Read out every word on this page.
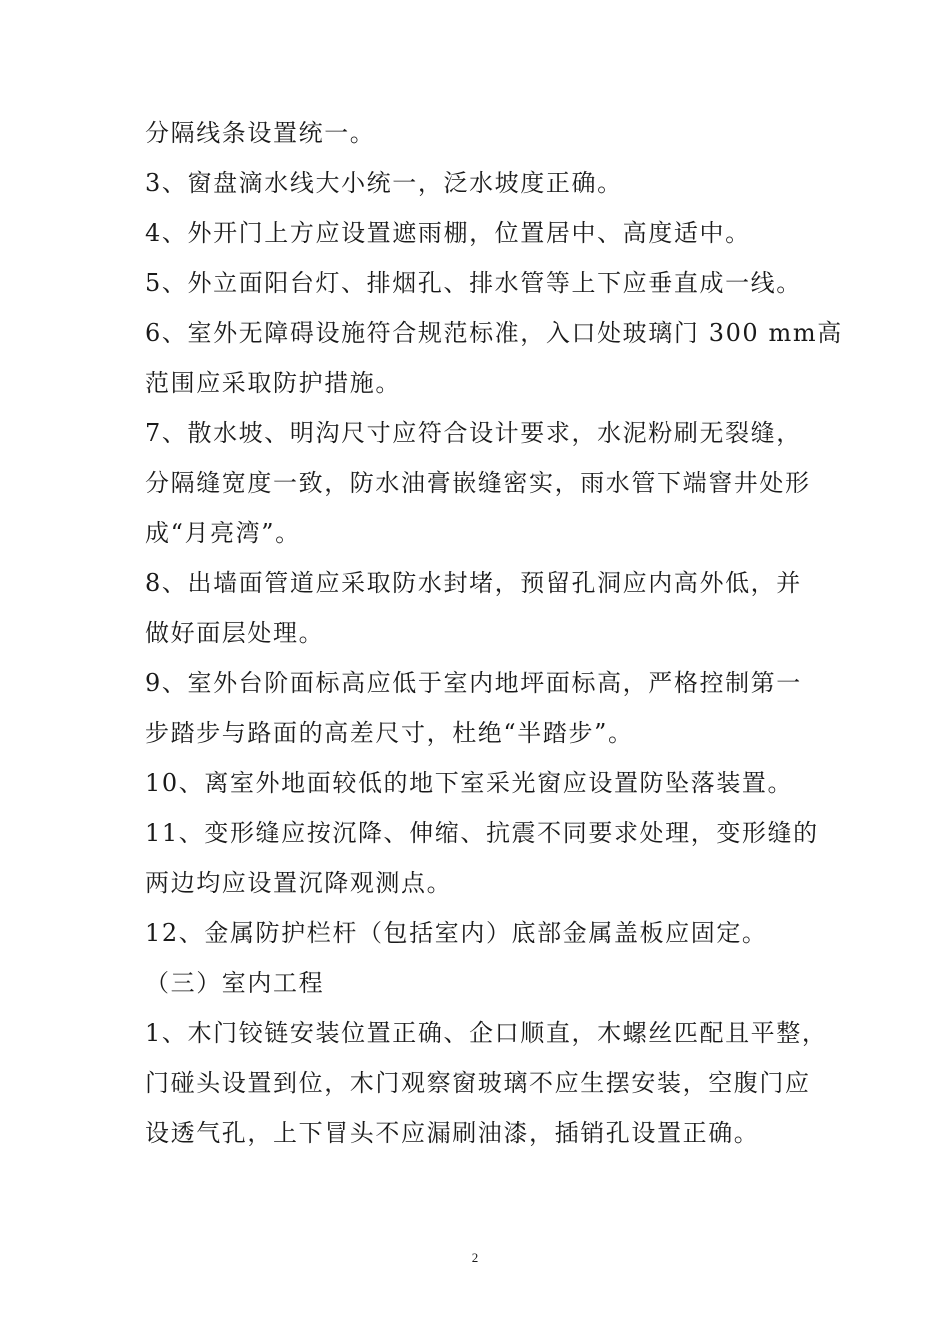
分隔线条设置统一。
3、窗盘滴水线大小统一，泛水坡度正确。
4、外开门上方应设置遮雨棚，位置居中、高度适中。
5、外立面阳台灯、排烟孔、排水管等上下应垂直成一线。
6、室外无障碍设施符合规范标准，入口处玻璃门 300 mm高
范围应采取防护措施。
7、散水坡、明沟尺寸应符合设计要求，水泥粉刷无裂缝，
分隔缝宽度一致，防水油膏嵌缝密实，雨水管下端窨井处形
成“月亮湾”。
8、出墙面管道应采取防水封堵，预留孔洞应内高外低，并
做好面层处理。
9、室外台阶面标高应低于室内地坪面标高，严格控制第一
步踏步与路面的高差尺寸，杜绝“半踏步”。
10、离室外地面较低的地下室采光窗应设置防坠落装置。
11、变形缝应按沉降、伸缩、抗震不同要求处理，变形缝的
两边均应设置沉降观测点。
12、金属防护栏杆（包括室内）底部金属盖板应固定。
（三）室内工程
1、木门铰链安装位置正确、企口顺直，木螺丝匹配且平整，
门碰头设置到位，木门观察窗玻璃不应生摆安装，空腹门应
设透气孔，上下冒头不应漏刷油漆，插销孔设置正确。
2
